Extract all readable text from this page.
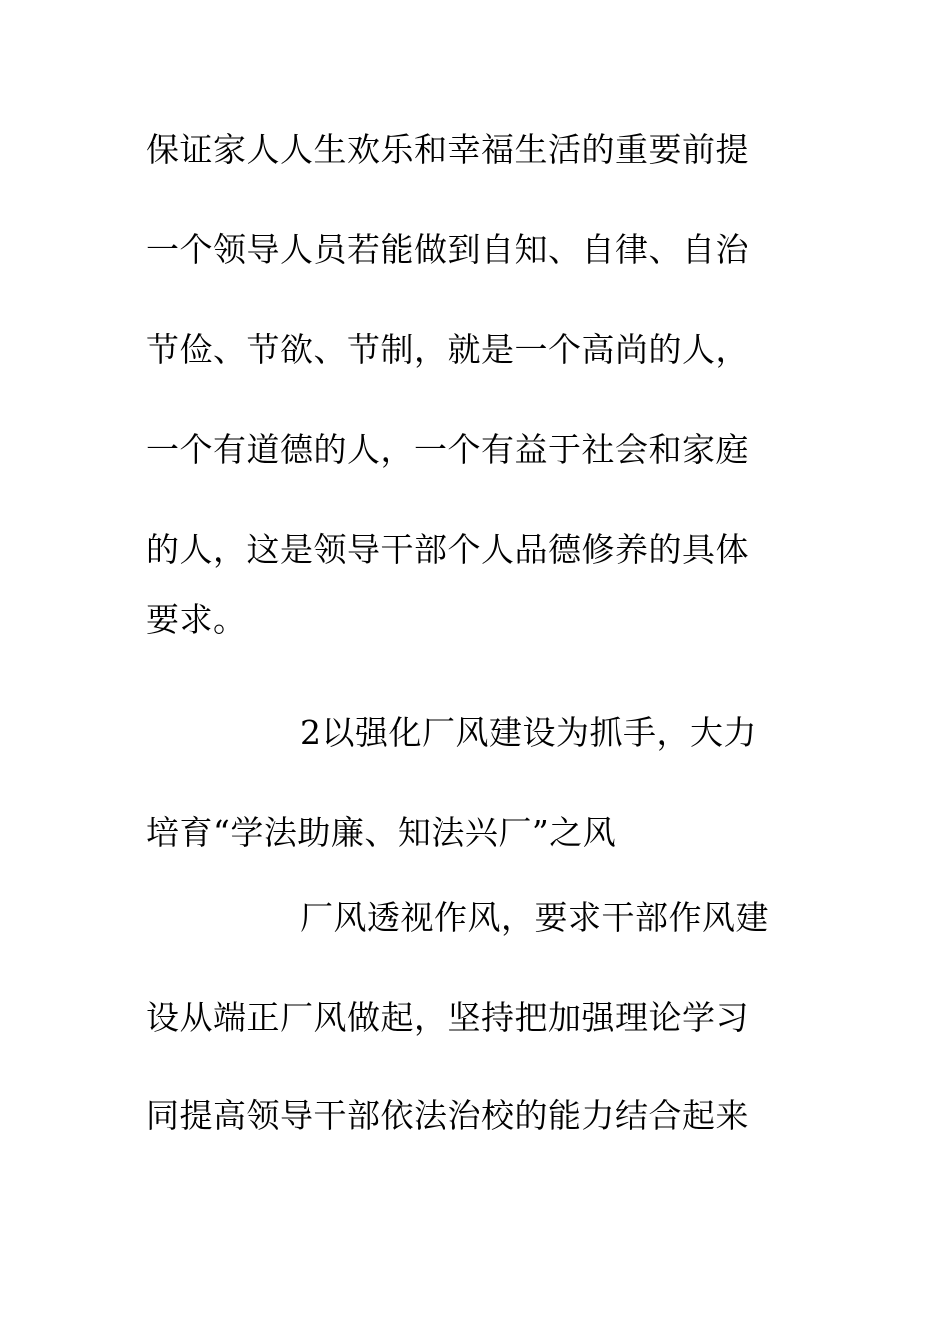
保证家人人生欢乐和幸福生活的重要前提
一个领导人员若能做到自知、自律、自治
节俭、节欲、节制，就是一个高尚的人，
一个有道德的人，一个有益于社会和家庭
的人，这是领导干部个人品德修养的具体
要求。
2以强化厂风建设为抓手，大力
培育“学法助廉、知法兴厂”之风
厂风透视作风，要求干部作风建
设从端正厂风做起，坚持把加强理论学习
同提高领导干部依法治校的能力结合起来
